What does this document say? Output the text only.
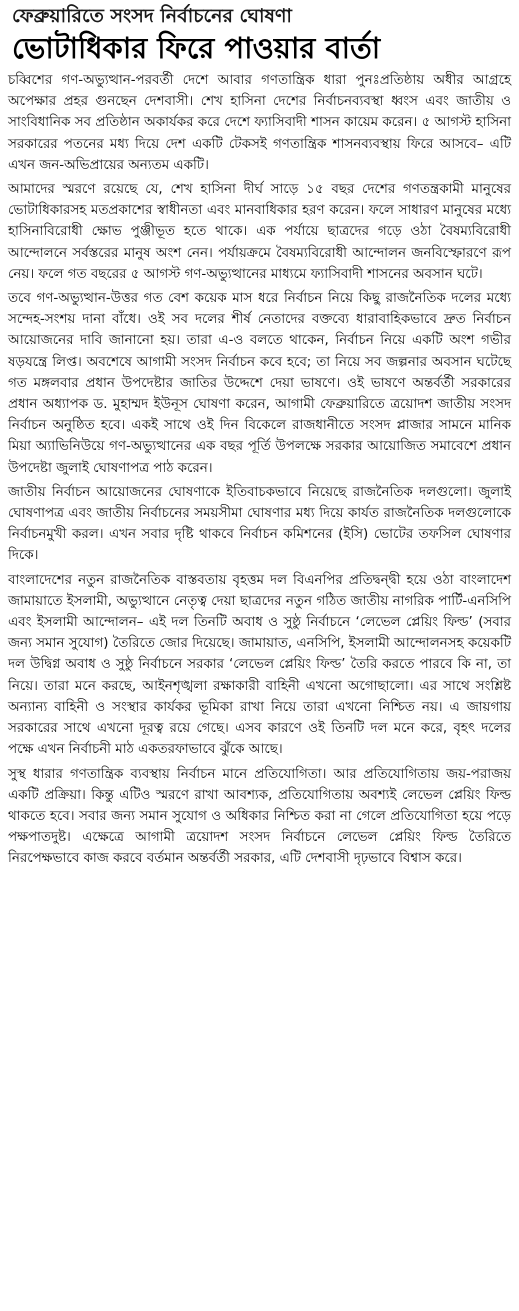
ফেব্রুয়ারিতে সংসদ নির্বাচনের ঘোষণা
ভোটাধিকার ফিরে পাওয়ার বার্তা

চব্বিশের গণ-অভ্যুত্থান-পরবর্তী দেশে আবার গণতান্ত্রিক ধারা পুনঃপ্রতিষ্ঠায় অধীর আগ্রহে অপেক্ষার প্রহর গুনছেন দেশবাসী। শেখ হাসিনা দেশের নির্বাচনব্যবস্থা ধ্বংস এবং জাতীয় ও সাংবিধানিক সব প্রতিষ্ঠান অকার্যকর করে দেশে ফ্যাসিবাদী শাসন কায়েম করেন। ৫ আগস্ট হাসিনা সরকারের পতনের মধ্য দিয়ে দেশ একটি টেকসই গণতান্ত্রিক শাসনব্যবস্থায় ফিরে আসবে– এটি এখন জন-অভিপ্রায়ের অন্যতম একটি।

আমাদের স্মরণে রয়েছে যে, শেখ হাসিনা দীর্ঘ সাড়ে ১৫ বছর দেশের গণতন্ত্রকামী মানুষের ভোটাধিকারসহ মতপ্রকাশের স্বাধীনতা এবং মানবাধিকার হরণ করেন। ফলে সাধারণ মানুষের মধ্যে হাসিনাবিরোধী ক্ষোভ পুঞ্জীভূত হতে থাকে। এক পর্যায়ে ছাত্রদের গড়ে ওঠা বৈষম্যবিরোধী আন্দোলনে সর্বস্তরের মানুষ অংশ নেন। পর্যায়ক্রমে বৈষম্যবিরোধী আন্দোলন জনবিস্ফোরণে রূপ নেয়। ফলে গত বছরের ৫ আগস্ট গণ-অভ্যুত্থানের মাধ্যমে ফ্যাসিবাদী শাসনের অবসান ঘটে।

তবে গণ-অভ্যুত্থান-উত্তর গত বেশ কয়েক মাস ধরে নির্বাচন নিয়ে কিছু রাজনৈতিক দলের মধ্যে সন্দেহ-সংশয় দানা বাঁধে। ওই সব দলের শীর্ষ নেতাদের বক্তব্যে ধারাবাহিকভাবে দ্রুত নির্বাচন আয়োজনের দাবি জানানো হয়। তারা এ-ও বলতে থাকেন, নির্বাচন নিয়ে একটি অংশ গভীর ষড়যন্ত্রে লিপ্ত। অবশেষে আগামী সংসদ নির্বাচন কবে হবে; তা নিয়ে সব জল্পনার অবসান ঘটেছে গত মঙ্গলবার প্রধান উপদেষ্টার জাতির উদ্দেশে দেয়া ভাষণে। ওই ভাষণে অন্তর্বর্তী সরকারের প্রধান অধ্যাপক ড. মুহাম্মদ ইউনূস ঘোষণা করেন, আগামী ফেব্রুয়ারিতে ত্রয়োদশ জাতীয় সংসদ নির্বাচন অনুষ্ঠিত হবে। একই সাথে ওই দিন বিকেলে রাজধানীতে সংসদ প্লাজার সামনে মানিক মিয়া অ্যাভিনিউয়ে গণ-অভ্যুত্থানের এক বছর পূর্তি উপলক্ষে সরকার আয়োজিত সমাবেশে প্রধান উপদেষ্টা জুলাই ঘোষণাপত্র পাঠ করেন।

জাতীয় নির্বাচন আয়োজনের ঘোষণাকে ইতিবাচকভাবে নিয়েছে রাজনৈতিক দলগুলো। জুলাই ঘোষণাপত্র এবং জাতীয় নির্বাচনের সময়সীমা ঘোষণার মধ্য দিয়ে কার্যত রাজনৈতিক দলগুলোকে নির্বাচনমুখী করল। এখন সবার দৃষ্টি থাকবে নির্বাচন কমিশনের (ইসি) ভোটের তফসিল ঘোষণার দিকে।

বাংলাদেশের নতুন রাজনৈতিক বাস্তবতায় বৃহত্তম দল বিএনপির প্রতিদ্বন্দ্বী হয়ে ওঠা বাংলাদেশ জামায়াতে ইসলামী, অভ্যুত্থানে নেতৃত্ব দেয়া ছাত্রদের নতুন গঠিত জাতীয় নাগরিক পার্টি-এনসিপি এবং ইসলামী আন্দোলন– এই দল তিনটি অবাধ ও সুষ্ঠু নির্বাচনে ‘লেভেল প্লেয়িং ফিল্ড’ (সবার জন্য সমান সুযোগ) তৈরিতে জোর দিয়েছে। জামায়াত, এনসিপি, ইসলামী আন্দোলনসহ কয়েকটি দল উদ্বিগ্ন অবাধ ও সুষ্ঠু নির্বাচনে সরকার ‘লেভেল প্লেয়িং ফিল্ড’ তৈরি করতে পারবে কি না, তা নিয়ে। তারা মনে করছে, আইনশৃঙ্খলা রক্ষাকারী বাহিনী এখনো অগোছালো। এর সাথে সংশ্লিষ্ট অন্যান্য বাহিনী ও সংস্থার কার্যকর ভূমিকা রাখা নিয়ে তারা এখনো নিশ্চিত নয়। এ জায়গায় সরকারের সাথে এখনো দূরত্ব রয়ে গেছে। এসব কারণে ওই তিনটি দল মনে করে, বৃহৎ দলের পক্ষে এখন নির্বাচনী মাঠ একতরফাভাবে ঝুঁকে আছে।

সুস্থ ধারার গণতান্ত্রিক ব্যবস্থায় নির্বাচন মানে প্রতিযোগিতা। আর প্রতিযোগিতায় জয়-পরাজয় একটি প্রক্রিয়া। কিন্তু এটিও স্মরণে রাখা আবশ্যক, প্রতিযোগিতায় অবশ্যই লেভেল প্লেয়িং ফিল্ড থাকতে হবে। সবার জন্য সমান সুযোগ ও অধিকার নিশ্চিত করা না গেলে প্রতিযোগিতা হয়ে পড়ে পক্ষপাতদুষ্ট। এক্ষেত্রে আগামী ত্রয়োদশ সংসদ নির্বাচনে লেভেল প্লেয়িং ফিল্ড তৈরিতে নিরপেক্ষভাবে কাজ করবে বর্তমান অন্তর্বর্তী সরকার, এটি দেশবাসী দৃঢ়ভাবে বিশ্বাস করে।
